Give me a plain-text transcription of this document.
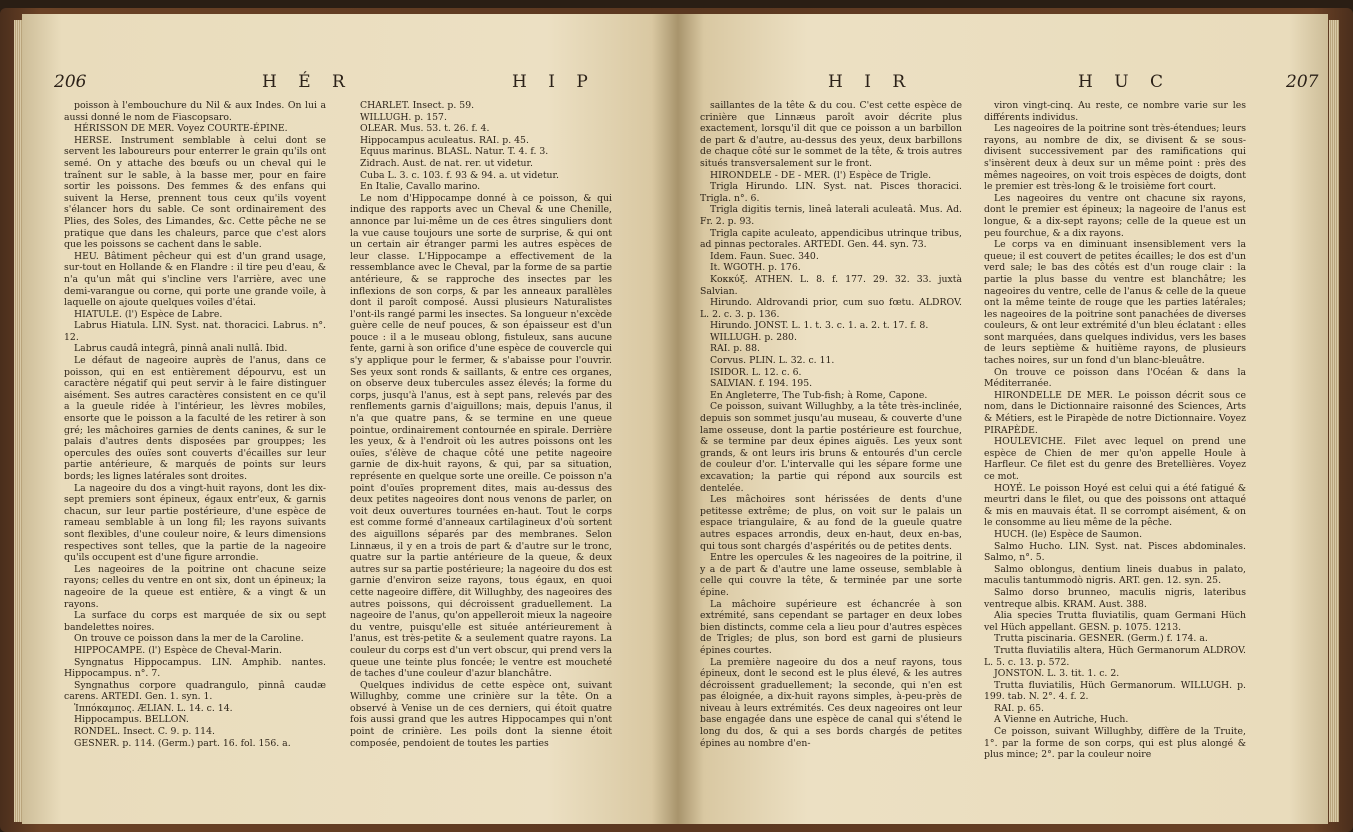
206	H É R	H I P

poisson à l'embouchure du Nil & aux Indes. On lui a aussi donné le nom de Fiascopsaro.

HÉRISSON DE MER. Voyez COURTE-ÉPINE.

HERSE. Instrument semblable à celui dont se servent les laboureurs pour enterrer le grain qu'ils ont semé. On y attache des bœufs ou un cheval qui le traînent sur le sable, à la basse mer, pour en faire sortir les poissons. Des femmes & des enfans qui suivent la Herse, prennent tous ceux qu'ils voyent s'élancer hors du sable. Ce sont ordinairement des Plies, des Soles, des Limandes, &c. Cette pêche ne se pratique que dans les chaleurs, parce que c'est alors que les poissons se cachent dans le sable.

HEU. Bâtiment pêcheur qui est d'un grand usage, sur-tout en Hollande & en Flandre : il tire peu d'eau, & n'a qu'un mât qui s'incline vers l'arrière, avec une demi-varangue ou corne, qui porte une grande voile, à laquelle on ajoute quelques voiles d'étai.

HIATULE. (l') Espèce de Labre.

Labrus Hiatula. LIN. Syst. nat. thoracici. Labrus. n°. 12.

Labrus caudâ integrâ, pinnâ anali nullâ. Ibid.

Le défaut de nageoire auprès de l'anus, dans ce poisson, qui en est entièrement dépourvu, est un caractère négatif qui peut servir à le faire distinguer aisément. Ses autres caractères consistent en ce qu'il a la gueule ridée à l'intérieur, les lèvres mobiles, ensorte que le poisson a la faculté de les retirer à son gré; les mâchoires garnies de dents canines, & sur le palais d'autres dents disposées par grouppes; les opercules des ouïes sont couverts d'écailles sur leur partie antérieure, & marqués de points sur leurs bords; les lignes latérales sont droites.

La nageoire du dos a vingt-huit rayons, dont les dix-sept premiers sont épineux, égaux entr'eux, & garnis chacun, sur leur partie postérieure, d'une espèce de rameau semblable à un long fil; les rayons suivants sont flexibles, d'une couleur noire, & leurs dimensions respectives sont telles, que la partie de la nageoire qu'ils occupent est d'une figure arrondie.

Les nageoires de la poitrine ont chacune seize rayons; celles du ventre en ont six, dont un épineux; la nageoire de la queue est entière, & a vingt & un rayons.

La surface du corps est marquée de six ou sept bandelettes noires.

On trouve ce poisson dans la mer de la Caroline.

HIPPOCAMPE. (l') Espèce de Cheval-Marin.

Syngnatus Hippocampus. LIN. Amphib. nantes. Hippocampus. n°. 7.

Syngnathus corpore quadrangulo, pinnâ caudæ carens. ARTEDI. Gen. 1. syn. 1.

Ἱππόκαμπος. ÆLIAN. L. 14. c. 14.

Hippocampus. BELLON.

RONDEL. Insect. C. 9. p. 114.

GESNER. p. 114. (Germ.) part. 16. fol. 156. a.

CHARLET. Insect. p. 59.

WILLUGH. p. 157.

OLEAR. Mus. 53. t. 26. f. 4.

Hippocampus aculeatus. RAI. p. 45.

Equus marinus. BLASL. Natur. T. 4. f. 3.

Zidrach. Aust. de nat. rer. ut videtur.

Cuba L. 3. c. 103. f. 93 & 94. a. ut videtur.

En Italie, Cavallo marino.

Le nom d'Hippocampe donné à ce poisson, & qui indique des rapports avec un Cheval & une Chenille, annonce par lui-même un de ces êtres singuliers dont la vue cause toujours une sorte de surprise, & qui ont un certain air étranger parmi les autres espèces de leur classe. L'Hippocampe a effectivement de la ressemblance avec le Cheval, par la forme de sa partie antérieure, & se rapproche des insectes par les inflexions de son corps, & par les anneaux parallèles dont il paroît composé. Aussi plusieurs Naturalistes l'ont-ils rangé parmi les insectes. Sa longueur n'excède guère celle de neuf pouces, & son épaisseur est d'un pouce : il a le museau oblong, fistuleux, sans aucune fente, garni à son orifice d'une espèce de couvercle qui s'y applique pour le fermer, & s'abaisse pour l'ouvrir. Ses yeux sont ronds & saillants, & entre ces organes, on observe deux tubercules assez élevés; la forme du corps, jusqu'à l'anus, est à sept pans, relevés par des renflements garnis d'aiguillons; mais, depuis l'anus, il n'a que quatre pans, & se termine en une queue pointue, ordinairement contournée en spirale. Derrière les yeux, & à l'endroit où les autres poissons ont les ouïes, s'élève de chaque côté une petite nageoire garnie de dix-huit rayons, & qui, par sa situation, représente en quelque sorte une oreille. Ce poisson n'a point d'ouïes proprement dites, mais au-dessus des deux petites nageoires dont nous venons de parler, on voit deux ouvertures tournées en-haut. Tout le corps est comme formé d'anneaux cartilagineux d'où sortent des aiguillons séparés par des membranes. Selon Linnæus, il y en a trois de part & d'autre sur le tronc, quatre sur la partie antérieure de la queue, & deux autres sur sa partie postérieure; la nageoire du dos est garnie d'environ seize rayons, tous égaux, en quoi cette nageoire diffère, dit Willughby, des nageoires des autres poissons, qui décroissent graduellement. La nageoire de l'anus, qu'on appelleroit mieux la nageoire du ventre, puisqu'elle est située antérieurement à l'anus, est très-petite & a seulement quatre rayons. La couleur du corps est d'un vert obscur, qui prend vers la queue une teinte plus foncée; le ventre est moucheté de taches d'une couleur d'azur blanchâtre.

Quelques individus de cette espèce ont, suivant Willughby, comme une crinière sur la tête. On a observé à Venise un de ces derniers, qui étoit quatre fois aussi grand que les autres Hippocampes qui n'ont point de crinière. Les poils dont la sienne étoit composée, pendoient de toutes les parties

H I R	H U C	207

saillantes de la tête & du cou. C'est cette espèce de crinière que Linnæus paroît avoir décrite plus exactement, lorsqu'il dit que ce poisson a un barbillon de part & d'autre, au-dessus des yeux, deux barbillons de chaque côté sur le sommet de la tête, & trois autres situés transversalement sur le front.

HIRONDELE - DE - MER. (l') Espèce de Trigle.

Trigla Hirundo. LIN. Syst. nat. Pisces thoracici. Trigla. n°. 6.

Trigla digitis ternis, lineâ laterali aculeatâ. Mus. Ad. Fr. 2. p. 93.

Trigla capite aculeato, appendicibus utrinque tribus, ad pinnas pectorales. ARTEDI. Gen. 44. syn. 73.

Idem. Faun. Suec. 340.

It. WGOTH. p. 176.

Κοκκύξ. ATHEN. L. 8. f. 177. 29. 32. 33. juxtà Salvian.

Hirundo. Aldrovandi prior, cum suo fœtu. ALDROV. L. 2. c. 3. p. 136.

Hirundo. JONST. L. 1. t. 3. c. 1. a. 2. t. 17. f. 8.

WILLUGH. p. 280.

RAI. p. 88.

Corvus. PLIN. L. 32. c. 11.

ISIDOR. L. 12. c. 6.

SALVIAN. f. 194. 195.

En Angleterre, The Tub-fish; à Rome, Capone.

Ce poisson, suivant Willughby, a la tête très-inclinée, depuis son sommet jusqu'au museau, & couverte d'une lame osseuse, dont la partie postérieure est fourchue, & se termine par deux épines aiguës. Les yeux sont grands, & ont leurs iris bruns & entourés d'un cercle de couleur d'or. L'intervalle qui les sépare forme une excavation; la partie qui répond aux sourcils est dentelée.

Les mâchoires sont hérissées de dents d'une petitesse extrême; de plus, on voit sur le palais un espace triangulaire, & au fond de la gueule quatre autres espaces arrondis, deux en-haut, deux en-bas, qui tous sont chargés d'aspérités ou de petites dents.

Entre les opercules & les nageoires de la poitrine, il y a de part & d'autre une lame osseuse, semblable à celle qui couvre la tête, & terminée par une sorte épine.

La mâchoire supérieure est échancrée à son extrémité, sans cependant se partager en deux lobes bien distincts, comme cela a lieu pour d'autres espèces de Trigles; de plus, son bord est garni de plusieurs épines courtes.

La première nageoire du dos a neuf rayons, tous épineux, dont le second est le plus élevé, & les autres décroissent graduellement; la seconde, qui n'en est pas éloignée, a dix-huit rayons simples, à-peu-près de niveau à leurs extrémités. Ces deux nageoires ont leur base engagée dans une espèce de canal qui s'étend le long du dos, & qui a ses bords chargés de petites épines au nombre d'en-

viron vingt-cinq. Au reste, ce nombre varie sur les différents individus.

Les nageoires de la poitrine sont très-étendues; leurs rayons, au nombre de dix, se divisent & se sous-divisent successivement par des ramifications qui s'insèrent deux à deux sur un même point : près des mêmes nageoires, on voit trois espèces de doigts, dont le premier est très-long & le troisième fort court.

Les nageoires du ventre ont chacune six rayons, dont le premier est épineux; la nageoire de l'anus est longue, & a dix-sept rayons; celle de la queue est un peu fourchue, & a dix rayons.

Le corps va en diminuant insensiblement vers la queue; il est couvert de petites écailles; le dos est d'un verd sale; le bas des côtés est d'un rouge clair : la partie la plus basse du ventre est blanchâtre; les nageoires du ventre, celle de l'anus & celle de la queue ont la même teinte de rouge que les parties latérales; les nageoires de la poitrine sont panachées de diverses couleurs, & ont leur extrémité d'un bleu éclatant : elles sont marquées, dans quelques individus, vers les bases de leurs septième & huitième rayons, de plusieurs taches noires, sur un fond d'un blanc-bleuâtre.

On trouve ce poisson dans l'Océan & dans la Méditerranée.

HIRONDELLE DE MER. Le poisson décrit sous ce nom, dans le Dictionnaire raisonné des Sciences, Arts & Métiers, est le Pirapède de notre Dictionnaire. Voyez PIRAPÈDE.

HOULEVICHE. Filet avec lequel on prend une espèce de Chien de mer qu'on appelle Houle à Harfleur. Ce filet est du genre des Bretellières. Voyez ce mot.

HOYÉ. Le poisson Hoyé est celui qui a été fatigué & meurtri dans le filet, ou que des poissons ont attaqué & mis en mauvais état. Il se corrompt aisément, & on le consomme au lieu même de la pêche.

HUCH. (le) Espèce de Saumon.

Salmo Hucho. LIN. Syst. nat. Pisces abdominales. Salmo, n°. 5.

Salmo oblongus, dentium lineis duabus in palato, maculis tantummodò nigris. ART. gen. 12. syn. 25.

Salmo dorso brunneo, maculis nigris, lateribus ventreque albis. KRAM. Aust. 388.

Alia species Trutta fluviatilis, quam Germani Hüch vel Hüch appellant. GESN. p. 1075. 1213.

Trutta piscinaria. GESNER. (Germ.) f. 174. a.

Trutta fluviatilis altera, Hüch Germanorum ALDROV. L. 5. c. 13. p. 572.

JONSTON. L. 3. tit. 1. c. 2.

Trutta fluviatilis, Hüch Germanorum. WILLUGH. p. 199. tab. N. 2°. 4. f. 2.

RAI. p. 65.

A Vienne en Autriche, Huch.

Ce poisson, suivant Willughby, diffère de la Truite, 1°. par la forme de son corps, qui est plus alongé & plus mince; 2°. par la couleur noire
